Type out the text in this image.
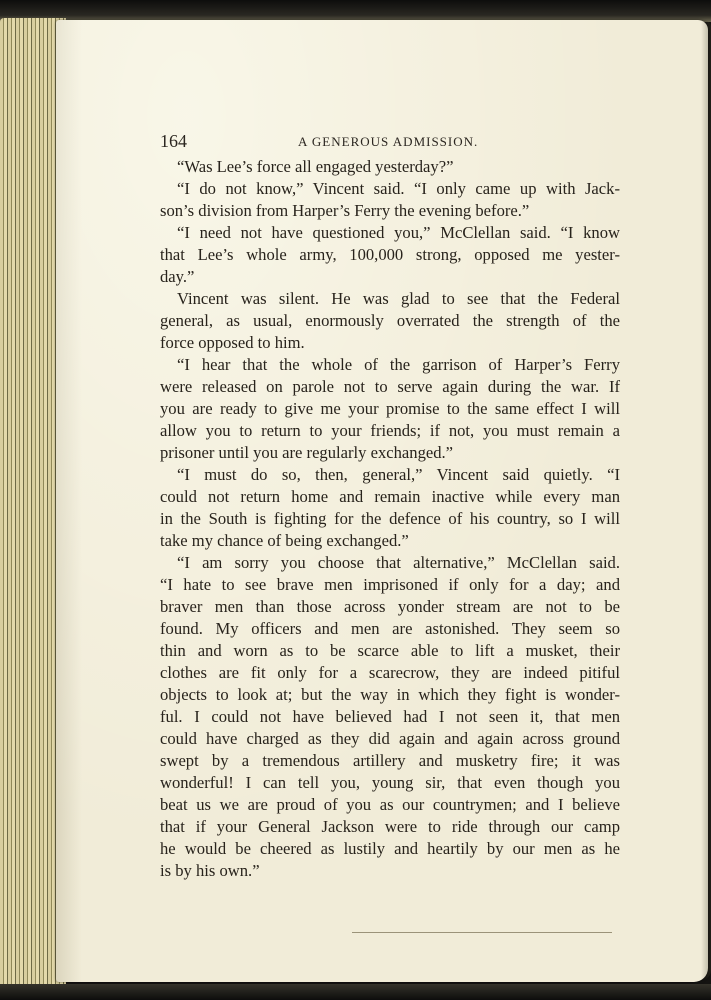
164	A GENEROUS ADMISSION.
“Was Lee’s force all engaged yesterday?”
“I do not know,” Vincent said. “I only came up with Jack-
son’s division from Harper’s Ferry the evening before.”
“I need not have questioned you,” McClellan said. “I know
that Lee’s whole army, 100,000 strong, opposed me yester-
day.”
Vincent was silent. He was glad to see that the Federal
general, as usual, enormously overrated the strength of the
force opposed to him.
“I hear that the whole of the garrison of Harper’s Ferry
were released on parole not to serve again during the war. If
you are ready to give me your promise to the same effect I will
allow you to return to your friends; if not, you must remain a
prisoner until you are regularly exchanged.”
“I must do so, then, general,” Vincent said quietly. “I
could not return home and remain inactive while every man
in the South is fighting for the defence of his country, so I will
take my chance of being exchanged.”
“I am sorry you choose that alternative,” McClellan said.
“I hate to see brave men imprisoned if only for a day; and
braver men than those across yonder stream are not to be
found. My officers and men are astonished. They seem so
thin and worn as to be scarce able to lift a musket, their
clothes are fit only for a scarecrow, they are indeed pitiful
objects to look at; but the way in which they fight is wonder-
ful. I could not have believed had I not seen it, that men
could have charged as they did again and again across ground
swept by a tremendous artillery and musketry fire; it was
wonderful! I can tell you, young sir, that even though you
beat us we are proud of you as our countrymen; and I believe
that if your General Jackson were to ride through our camp
he would be cheered as lustily and heartily by our men as he
is by his own.”
